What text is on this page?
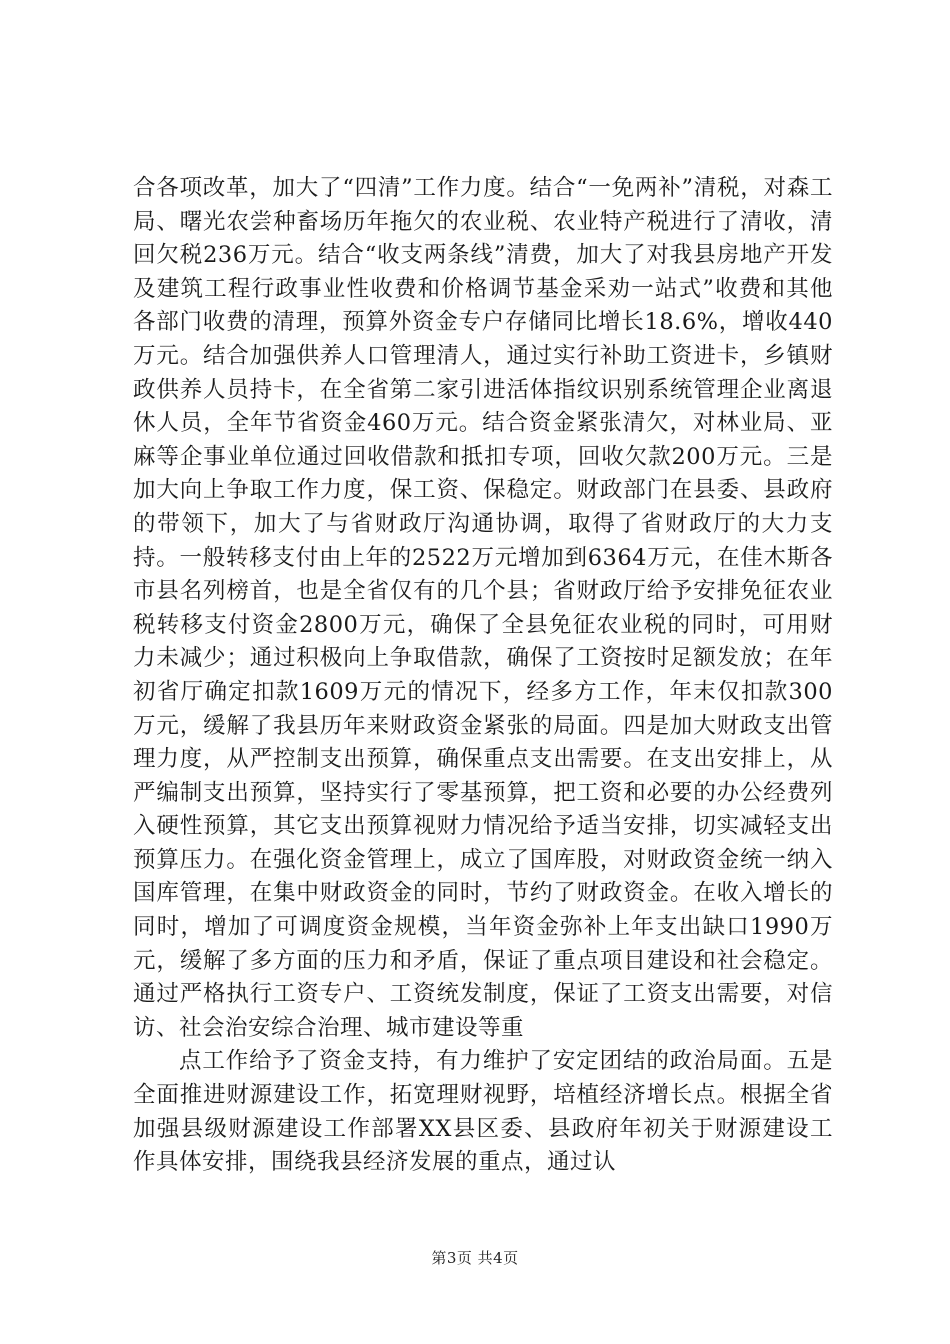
合各项改革，加大了“四清”工作力度。结合“一免两补”清税，对森工局、曙光农尝种畜场历年拖欠的农业税、农业特产税进行了清收，清回欠税236万元。结合“收支两条线”清费，加大了对我县房地产开发及建筑工程行政事业性收费和价格调节基金采劝一站式”收费和其他各部门收费的清理，预算外资金专户存储同比增长18.6%，增收440万元。结合加强供养人口管理清人，通过实行补助工资进卡，乡镇财政供养人员持卡，在全省第二家引进活体指纹识别系统管理企业离退休人员，全年节省资金460万元。结合资金紧张清欠，对林业局、亚麻等企事业单位通过回收借款和抵扣专项，回收欠款200万元。三是加大向上争取工作力度，保工资、保稳定。财政部门在县委、县政府的带领下，加大了与省财政厅沟通协调，取得了省财政厅的大力支持。一般转移支付由上年的2522万元增加到6364万元，在佳木斯各市县名列榜首，也是全省仅有的几个县；省财政厅给予安排免征农业税转移支付资金2800万元，确保了全县免征农业税的同时，可用财力未减少；通过积极向上争取借款，确保了工资按时足额发放；在年初省厅确定扣款1609万元的情况下，经多方工作，年末仅扣款300万元，缓解了我县历年来财政资金紧张的局面。四是加大财政支出管理力度，从严控制支出预算，确保重点支出需要。在支出安排上，从严编制支出预算，坚持实行了零基预算，把工资和必要的办公经费列入硬性预算，其它支出预算视财力情况给予适当安排，切实减轻支出预算压力。在强化资金管理上，成立了国库股，对财政资金统一纳入国库管理，在集中财政资金的同时，节约了财政资金。在收入增长的同时，增加了可调度资金规模，当年资金弥补上年支出缺口1990万元，缓解了多方面的压力和矛盾，保证了重点项目建设和社会稳定。通过严格执行工资专户、工资统发制度，保证了工资支出需要，对信访、社会治安综合治理、城市建设等重

点工作给予了资金支持，有力维护了安定团结的政治局面。五是全面推进财源建设工作，拓宽理财视野，培植经济增长点。根据全省加强县级财源建设工作部署XX县区委、县政府年初关于财源建设工作具体安排，围绕我县经济发展的重点，通过认

第3页 共4页
